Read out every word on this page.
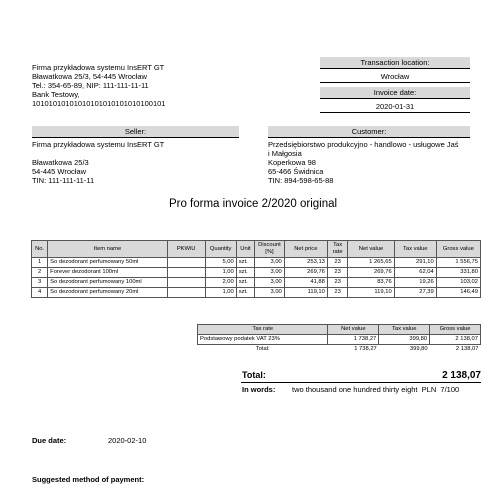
Firma przykładowa systemu InsERT GT
Bławatkowa 25/3, 54-445 Wrocław
Tel.: 354-65-89, NIP: 111-111-11-11
Bank Testowy,
10101010101010101010101010100101
Transaction location:
Wrocław
Invoice date:
2020-01-31
Seller:
Firma przykładowa systemu InsERT GT
Bławatkowa 25/3
54-445 Wrocław
TIN: 111-111-11-11
Customer:
Przedsiębiorstwo produkcyjno - handlowo - usługowe Jaś
i Małgosia
Koperkowa 98
65-466 Świdnica
TIN: 894-598-65-88
Pro forma invoice 2/2020 original
No.	Item name	PKWiU	Quantity	Unit	Discount [%]	Net price	Tax rate	Net value	Tax value	Gross value
1	So dezodorant perfumowany 50ml		5,00	szt.	3,00	253,13	23	1 265,65	291,10	1 556,75
2	Forever dezodorant 100ml		1,00	szt.	3,00	269,76	23	269,76	62,04	331,80
3	So dezodorant perfumowany 100ml		2,00	szt.	3,00	41,88	23	83,76	19,26	103,02
4	So dezodorant perfumowany 20ml		1,00	szt.	3,00	119,10	23	119,10	27,39	146,49
Tax rate	Net value	Tax value	Gross value
Podstawowy podatek VAT 23%	1 738,27	399,80	2 138,07
Total:	1 738,27	399,80	2 138,07
Total:	2 138,07
In words: two thousand one hundred thirty eight  PLN  7/100
Due date:	2020-02-10
Suggested method of payment:
